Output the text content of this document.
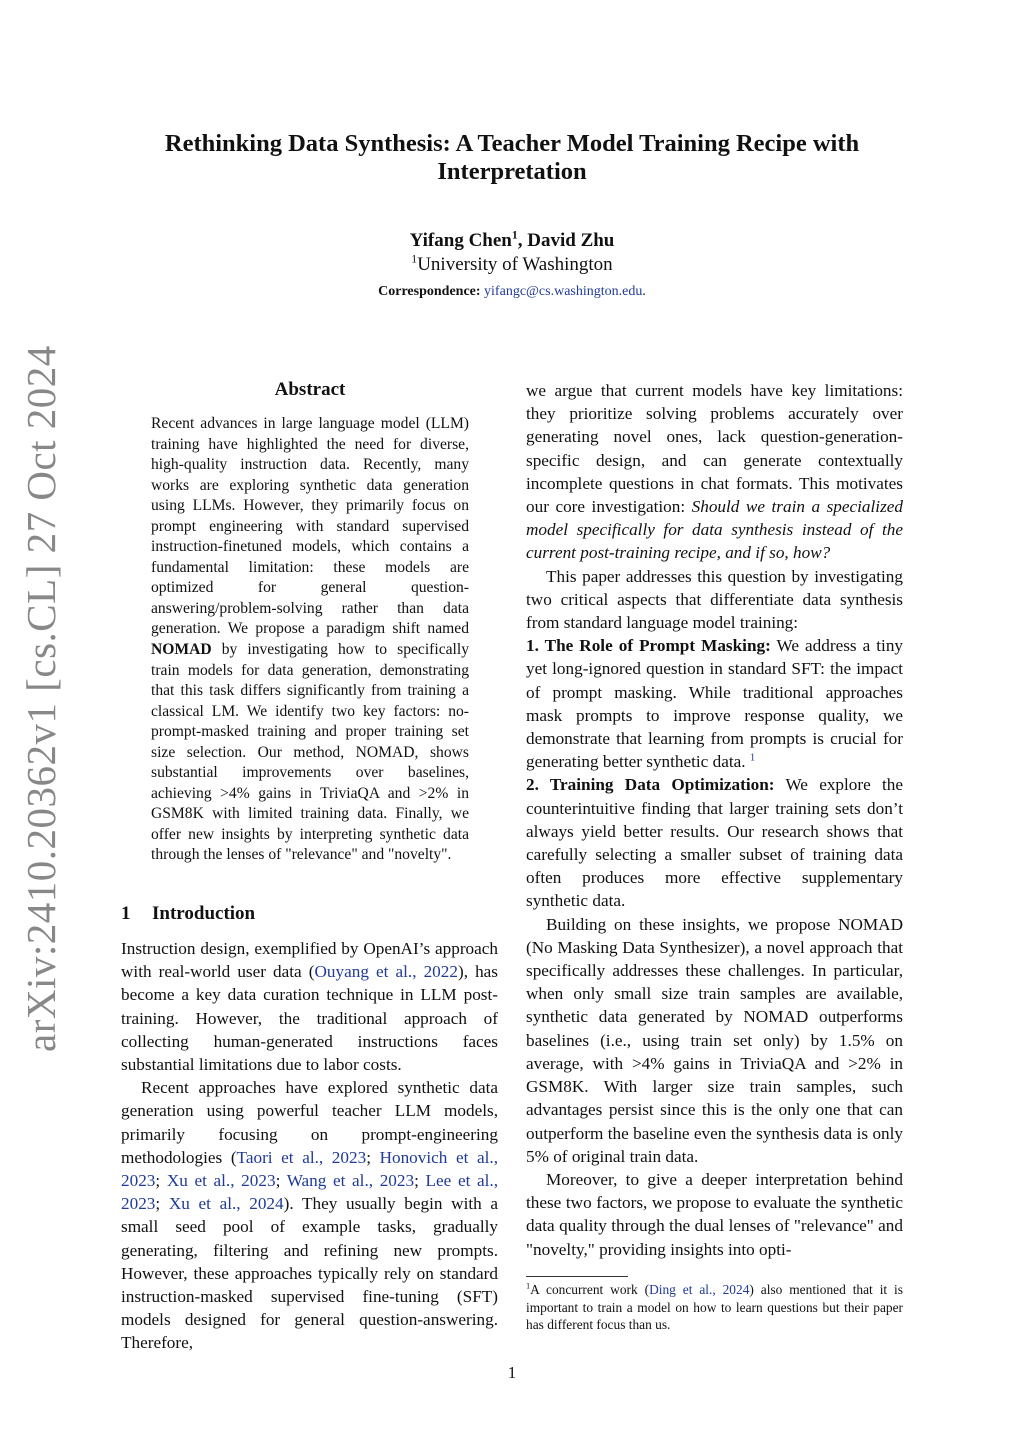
arXiv:2410.20362v1 [cs.CL] 27 Oct 2024
Rethinking Data Synthesis: A Teacher Model Training Recipe with Interpretation
Yifang Chen$^1$, David Zhu
$^1$University of Washington
Correspondence: yifangc@cs.washington.edu.
Abstract
Recent advances in large language model (LLM) training have highlighted the need for diverse, high-quality instruction data. Recently, many works are exploring synthetic data generation using LLMs. However, they primarily focus on prompt engineering with standard supervised instruction-finetuned models, which contains a fundamental limitation: these models are optimized for general question-answering/problem-solving rather than data generation. We propose a paradigm shift named NOMAD by investigating how to specifically train models for data generation, demonstrating that this task differs significantly from training a classical LM. We identify two key factors: no-prompt-masked training and proper training set size selection. Our method, NOMAD, shows substantial improvements over baselines, achieving >4% gains in TriviaQA and >2% in GSM8K with limited training data. Finally, we offer new insights by interpreting synthetic data through the lenses of "relevance" and "novelty".
1 Introduction

Instruction design, exemplified by OpenAI’s approach with real-world user data (Ouyang et al., 2022), has become a key data curation technique in LLM post-training. However, the traditional approach of collecting human-generated instructions faces substantial limitations due to labor costs.

Recent approaches have explored synthetic data generation using powerful teacher LLM models, primarily focusing on prompt-engineering methodologies (Taori et al., 2023; Honovich et al., 2023; Xu et al., 2023; Wang et al., 2023; Lee et al., 2023; Xu et al., 2024). They usually begin with a small seed pool of example tasks, gradually generating, filtering and refining new prompts. However, these approaches typically rely on standard instruction-masked supervised fine-tuning (SFT) models designed for general question-answering. Therefore,

we argue that current models have key limitations: they prioritize solving problems accurately over generating novel ones, lack question-generation-specific design, and can generate contextually incomplete questions in chat formats. This motivates our core investigation: Should we train a specialized model specifically for data synthesis instead of the current post-training recipe, and if so, how?

This paper addresses this question by investigating two critical aspects that differentiate data synthesis from standard language model training:

1. The Role of Prompt Masking: We address a tiny yet long-ignored question in standard SFT: the impact of prompt masking. While traditional approaches mask prompts to improve response quality, we demonstrate that learning from prompts is crucial for generating better synthetic data. $^1$

2. Training Data Optimization: We explore the counterintuitive finding that larger training sets don’t always yield better results. Our research shows that carefully selecting a smaller subset of training data often produces more effective supplementary synthetic data.

Building on these insights, we propose NOMAD (No Masking Data Synthesizer), a novel approach that specifically addresses these challenges. In particular, when only small size train samples are available, synthetic data generated by NOMAD outperforms baselines (i.e., using train set only) by 1.5% on average, with >4% gains in TriviaQA and >2% in GSM8K. With larger size train samples, such advantages persist since this is the only one that can outperform the baseline even the synthesis data is only 5% of original train data.

Moreover, to give a deeper interpretation behind these two factors, we propose to evaluate the synthetic data quality through the dual lenses of "relevance" and "novelty," providing insights into opti-

$^1$A concurrent work (Ding et al., 2024) also mentioned that it is important to train a model on how to learn questions but their paper has different focus than us.
1
